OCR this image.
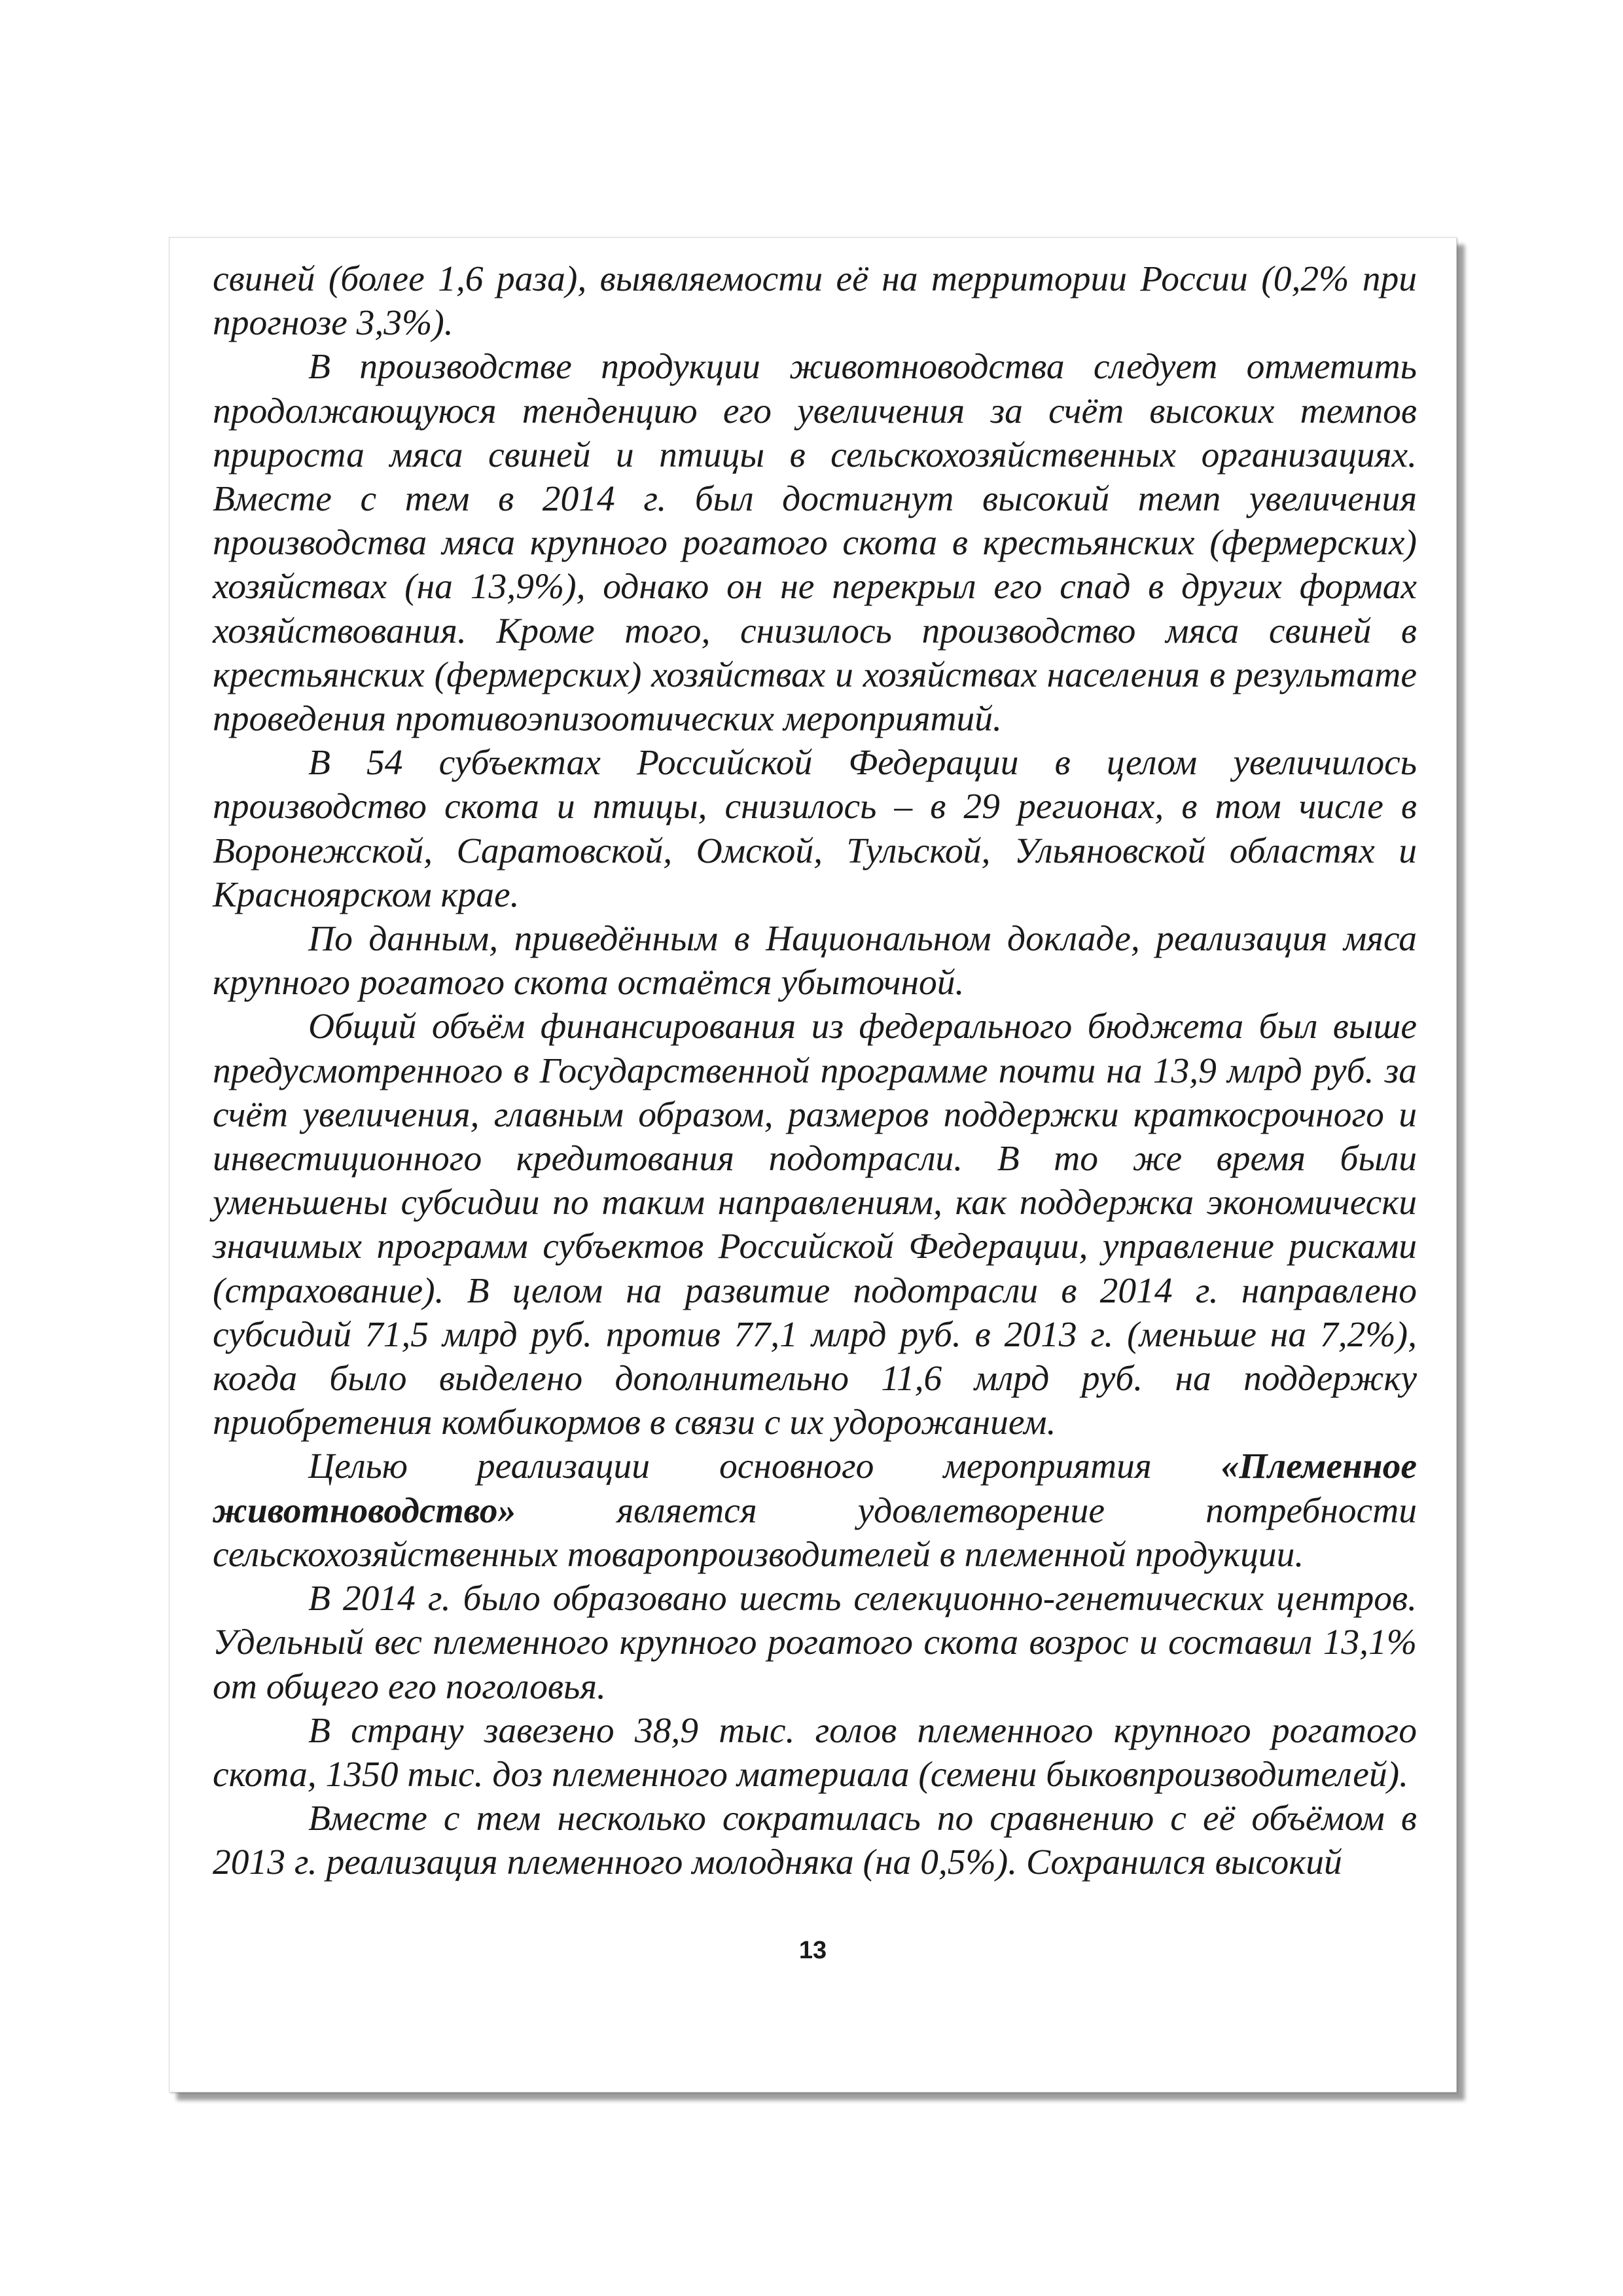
свиней (более 1,6 раза), выявляемости её на территории России (0,2% при прогнозе 3,3%).

В производстве продукции животноводства следует отметить продолжающуюся тенденцию его увеличения за счёт высоких темпов прироста мяса свиней и птицы в сельскохозяйственных организациях. Вместе с тем в 2014 г. был достигнут высокий темп увеличения производства мяса крупного рогатого скота в крестьянских (фермерских) хозяйствах (на 13,9%), однако он не перекрыл его спад в других формах хозяйствования. Кроме того, снизилось производство мяса свиней в крестьянских (фермерских) хозяйствах и хозяйствах населения в результате проведения противоэпизоотических мероприятий.

В 54 субъектах Российской Федерации в целом увеличилось производство скота и птицы, снизилось – в 29 регионах, в том числе в Воронежской, Саратовской, Омской, Тульской, Ульяновской областях и Красноярском крае.

По данным, приведённым в Национальном докладе, реализация мяса крупного рогатого скота остаётся убыточной.

Общий объём финансирования из федерального бюджета был выше предусмотренного в Государственной программе почти на 13,9 млрд руб. за счёт увеличения, главным образом, размеров поддержки краткосрочного и инвестиционного кредитования подотрасли. В то же время были уменьшены субсидии по таким направлениям, как поддержка экономически значимых программ субъектов Российской Федерации, управление рисками (страхование). В целом на развитие подотрасли в 2014 г. направлено субсидий 71,5 млрд руб. против 77,1 млрд руб. в 2013 г. (меньше на 7,2%), когда было выделено дополнительно 11,6 млрд руб. на поддержку приобретения комбикормов в связи с их удорожанием.

Целью реализации основного мероприятия «Племенное животноводство» является удовлетворение потребности сельскохозяйственных товаропроизводителей в племенной продукции.

В 2014 г. было образовано шесть селекционно-генетических центров. Удельный вес племенного крупного рогатого скота возрос и составил 13,1% от общего его поголовья.

В страну завезено 38,9 тыс. голов племенного крупного рогатого скота, 1350 тыс. доз племенного материала (семени быковпроизводителей).

Вместе с тем несколько сократилась по сравнению с её объёмом в 2013 г. реализация племенного молодняка (на 0,5%). Сохранился высокий

13
